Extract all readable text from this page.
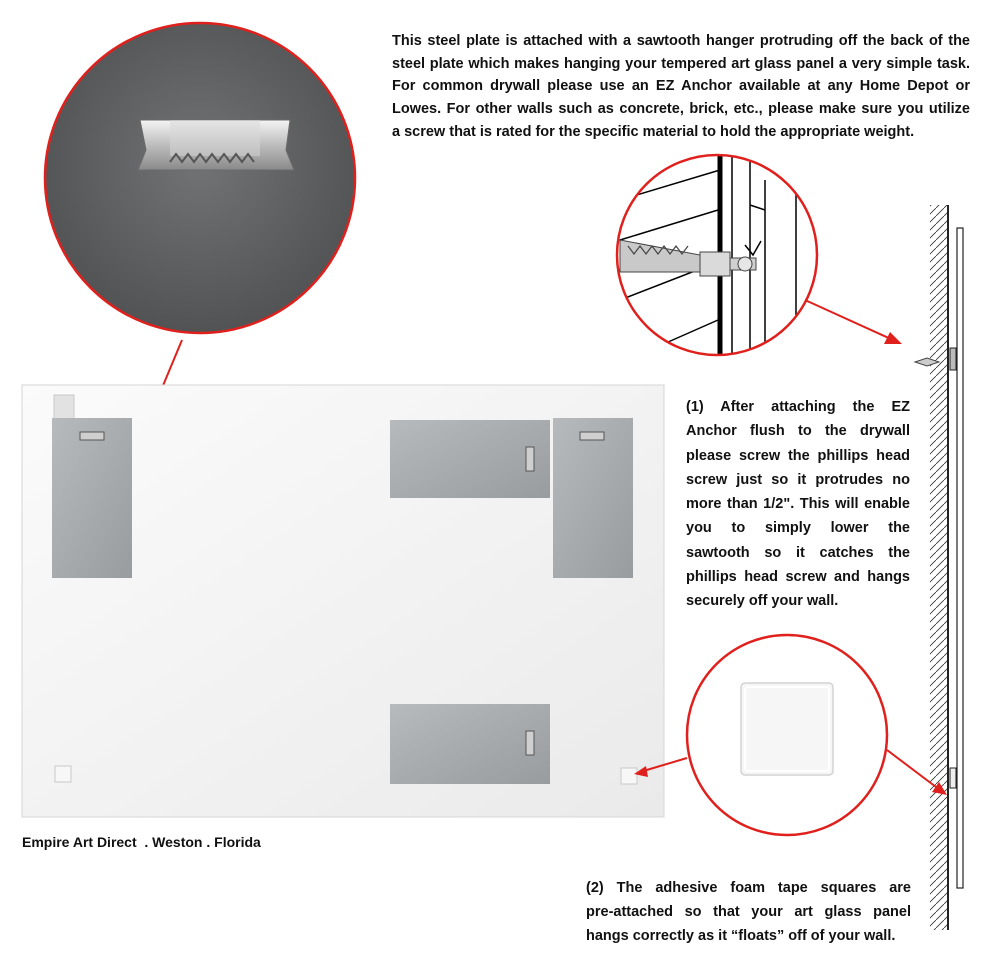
This steel plate is attached with a sawtooth hanger protruding off the back of the
steel plate which makes hanging your tempered art glass panel a very simple task.
For common drywall please use an EZ Anchor available at any Home Depot or
Lowes. For other walls such as concrete, brick, etc., please make sure you utilize
a screw that is rated for the specific material to hold the appropriate weight.
(1) After attaching the EZ
Anchor flush to the drywall
please screw the phillips head
screw just so it protrudes no
more than 1/2". This will enable
you to simply lower the
sawtooth so it catches the
phillips head screw and hangs
securely off your wall.
(2) The adhesive foam tape squares are
pre-attached so that your art glass panel
hangs correctly as it “floats” off of your wall.
Empire Art Direct  . Weston . Florida
